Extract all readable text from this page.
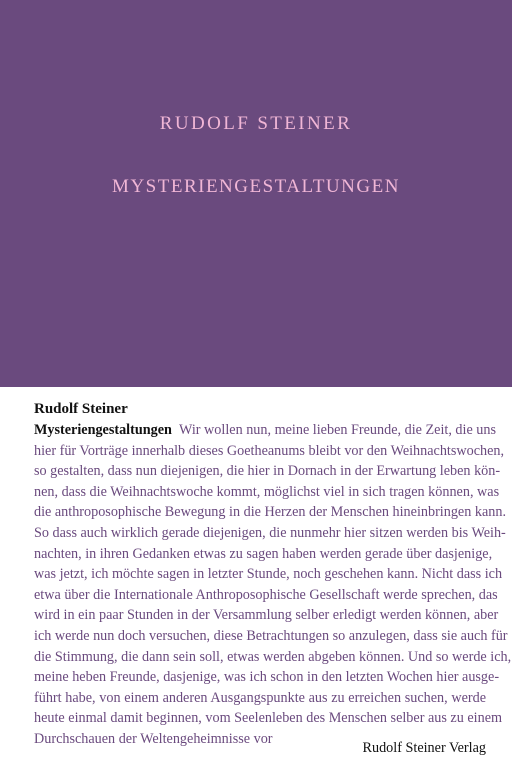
RUDOLF STEINER
MYSTERIENGESTALTUNGEN
Rudolf Steiner
Mysteriengestaltungen Wir wollen nun, meine lieben Freunde, die Zeit, die uns
hier für Vorträge innerhalb dieses Goetheanums bleibt vor den Weihnachtswochen,
so gestalten, dass nun diejenigen, die hier in Dornach in der Erwartung leben kön-
nen, dass die Weihnachtswoche kommt, möglichst viel in sich tragen können, was
die anthroposophische Bewegung in die Herzen der Menschen hineinbringen kann.
So dass auch wirklich gerade diejenigen, die nunmehr hier sitzen werden bis Weih-
nachten, in ihren Gedanken etwas zu sagen haben werden gerade über dasjenige,
was jetzt, ich möchte sagen in letzter Stunde, noch geschehen kann. Nicht dass ich
etwa über die Internationale Anthroposophische Gesellschaft werde sprechen, das
wird in ein paar Stunden in der Versammlung selber erledigt werden können, aber
ich werde nun doch versuchen, diese Betrachtungen so anzulegen, dass sie auch für
die Stimmung, die dann sein soll, etwas werden abgeben können. Und so werde ich,
meine heben Freunde, dasjenige, was ich schon in den letzten Wochen hier ausge-
führt habe, von einem anderen Ausgangspunkte aus zu erreichen suchen, werde
heute einmal damit beginnen, vom Seelenleben des Menschen selber aus zu einem
Durchschauen der Weltengeheimnisse vor
Rudolf Steiner Verlag
